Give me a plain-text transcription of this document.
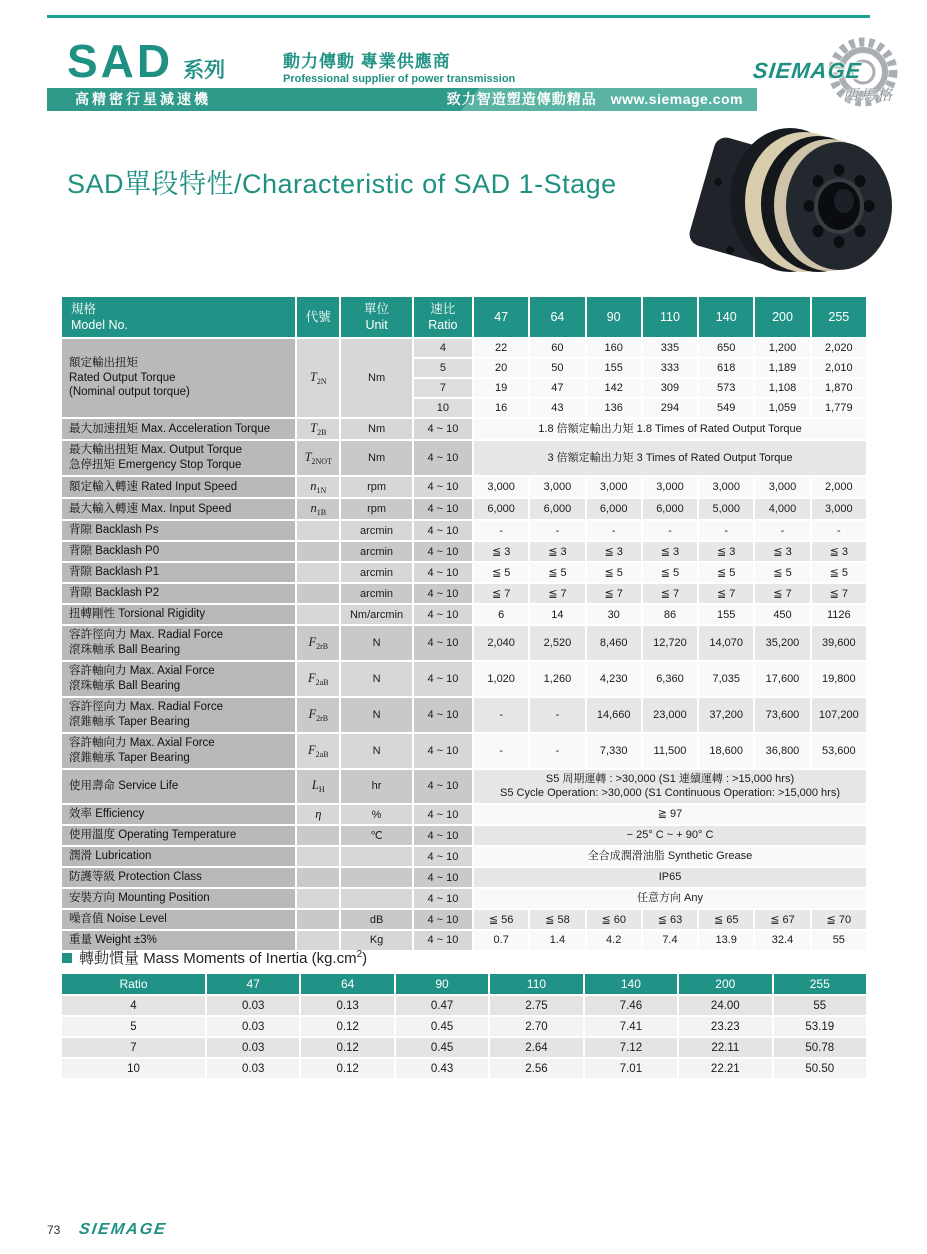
SAD 系列	動力傳動 專業供應商
Professional supplier of power transmission
高精密行星減速機	致力智造塑造傳動精品 www.siemage.com
SIEMAGE
西馬格
SAD單段特性/Characteristic of SAD 1-Stage
規格
Model No.	代號	單位
Unit	速比
Ratio	47	64	90	110	140	200	255
額定輸出扭矩
Rated Output Torque
(Nominal output torque)	$T_{2N}$	Nm	4	22	60	160	335	650	1,200	2,020
			5	20	50	155	333	618	1,189	2,010
			7	19	47	142	309	573	1,108	1,870
			10	16	43	136	294	549	1,059	1,779
最大加速扭矩 Max. Acceleration Torque	$T_{2B}$	Nm	4 ~ 10	1.8 倍額定輸出力矩 1.8 Times of Rated Output Torque						
最大輸出扭矩 Max. Output Torque
急停扭矩 Emergency Stop Torque	$T_{2NOT}$	Nm	4 ~ 10	3 倍額定輸出力矩 3 Times of Rated Output Torque						
額定輸入轉速 Rated Input Speed	$n_{1N}$	rpm	4 ~ 10	3,000	3,000	3,000	3,000	3,000	3,000	2,000
最大輸入轉速 Max. Input Speed	$n_{1B}$	rpm	4 ~ 10	6,000	6,000	6,000	6,000	5,000	4,000	3,000
背隙 Backlash Ps		arcmin	4 ~ 10	-	-	-	-	-	-	-
背隙 Backlash P0		arcmin	4 ~ 10	≦ 3	≦ 3	≦ 3	≦ 3	≦ 3	≦ 3	≦ 3
背隙 Backlash P1		arcmin	4 ~ 10	≦ 5	≦ 5	≦ 5	≦ 5	≦ 5	≦ 5	≦ 5
背隙 Backlash P2		arcmin	4 ~ 10	≦ 7	≦ 7	≦ 7	≦ 7	≦ 7	≦ 7	≦ 7
扭轉剛性 Torsional Rigidity		Nm/arcmin	4 ~ 10	6	14	30	86	155	450	1126
容許徑向力 Max. Radial Force
滾珠軸承 Ball Bearing	$F_{2rB}$	N	4 ~ 10	2,040	2,520	8,460	12,720	14,070	35,200	39,600
容許軸向力 Max. Axial Force
滾珠軸承 Ball Bearing	$F_{2aB}$	N	4 ~ 10	1,020	1,260	4,230	6,360	7,035	17,600	19,800
容許徑向力 Max. Radial Force
滾錐軸承 Taper Bearing	$F_{2rB}$	N	4 ~ 10	-	-	14,660	23,000	37,200	73,600	107,200
容許軸向力 Max. Axial Force
滾錐軸承 Taper Bearing	$F_{2aB}$	N	4 ~ 10	-	-	7,330	11,500	18,600	36,800	53,600
使用壽命 Service Life	$L_H$	hr	4 ~ 10	S5 周期運轉 : >30,000 (S1 連續運轉 : >15,000 hrs)
S5 Cycle Operation: >30,000 (S1 Continuous Operation: >15,000 hrs)						
效率 Efficiency	η	%	4 ~ 10	≧ 97						
使用溫度 Operating Temperature		℃	4 ~ 10	− 25° C ~ + 90° C						
潤滑 Lubrication			4 ~ 10	全合成潤滑油脂 Synthetic Grease						
防護等級 Protection Class			4 ~ 10	IP65						
安裝方向 Mounting Position			4 ~ 10	任意方向 Any						
噪音值 Noise Level		dB	4 ~ 10	≦ 56	≦ 58	≦ 60	≦ 63	≦ 65	≦ 67	≦ 70
重量 Weight ±3%		Kg	4 ~ 10	0.7	1.4	4.2	7.4	13.9	32.4	55
轉動慣量 Mass Moments of Inertia $(kg.cm^2)$
Ratio	47	64	90	110	140	200	255
4	0.03	0.13	0.47	2.75	7.46	24.00	55
5	0.03	0.12	0.45	2.70	7.41	23.23	53.19
7	0.03	0.12	0.45	2.64	7.12	22.11	50.78
10	0.03	0.12	0.43	2.56	7.01	22.21	50.50
73 SIEMAGE
